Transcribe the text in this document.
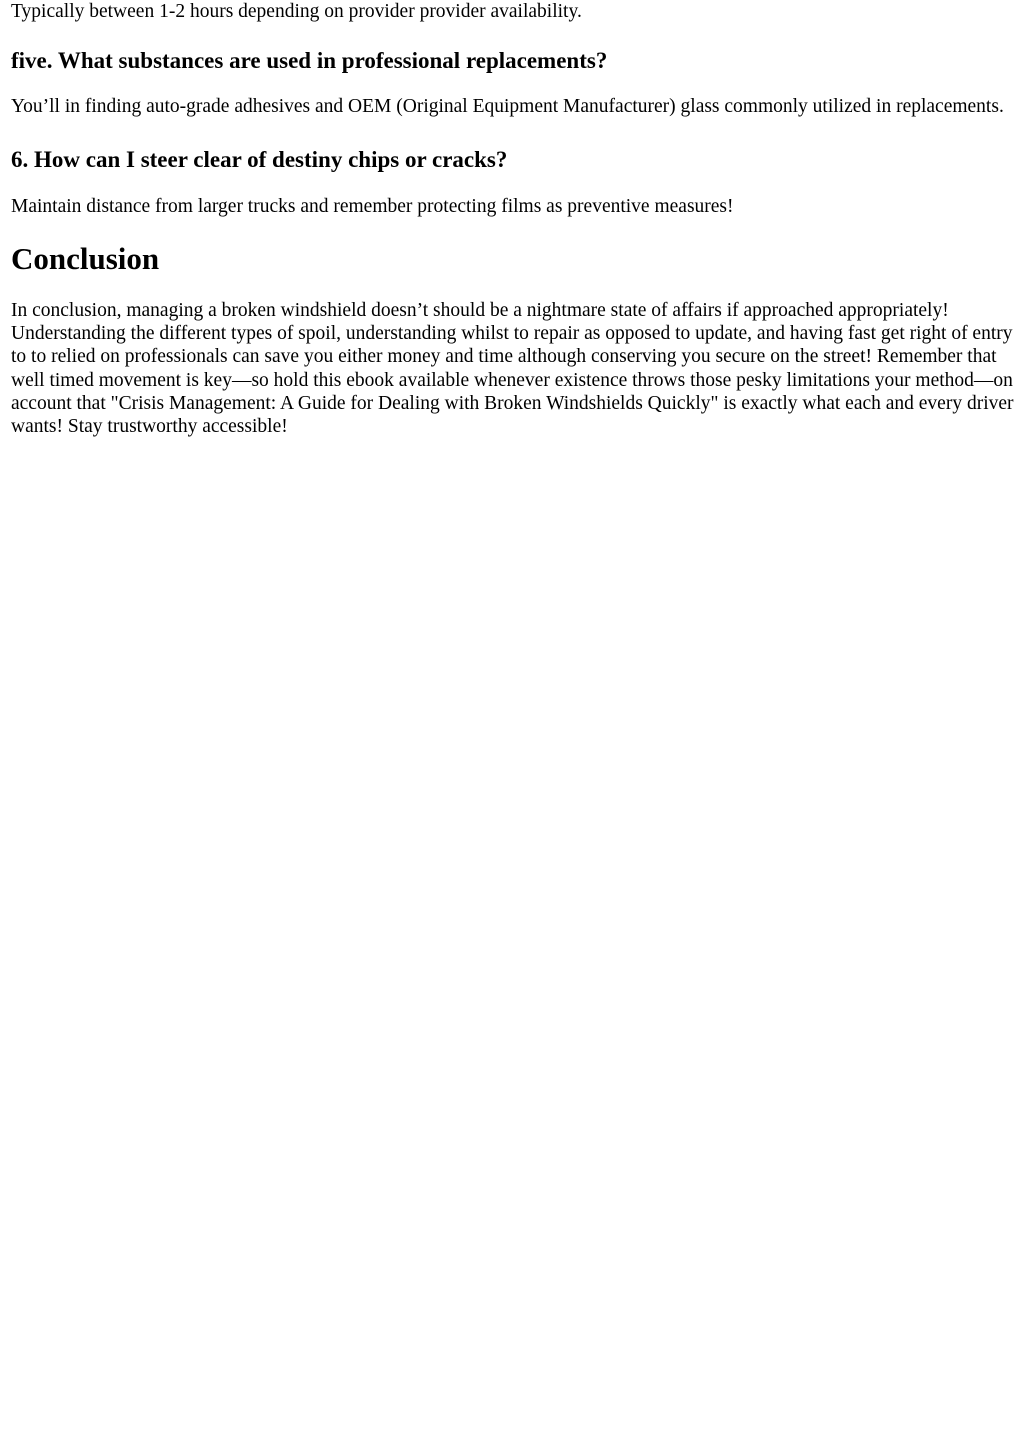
Typically between 1-2 hours depending on provider provider availability.

five. What substances are used in professional replacements?

You’ll in finding auto-grade adhesives and OEM (Original Equipment Manufacturer) glass commonly utilized in replacements.

6. How can I steer clear of destiny chips or cracks?

Maintain distance from larger trucks and remember protecting films as preventive measures!

Conclusion

In conclusion, managing a broken windshield doesn’t should be a nightmare state of affairs if approached appropriately! Understanding the different types of spoil, understanding whilst to repair as opposed to update, and having fast get right of entry to to relied on professionals can save you either money and time although conserving you secure on the street! Remember that well timed movement is key—so hold this ebook available whenever existence throws those pesky limitations your method—on account that "Crisis Management: A Guide for Dealing with Broken Windshields Quickly" is exactly what each and every driver wants! Stay trustworthy accessible!
